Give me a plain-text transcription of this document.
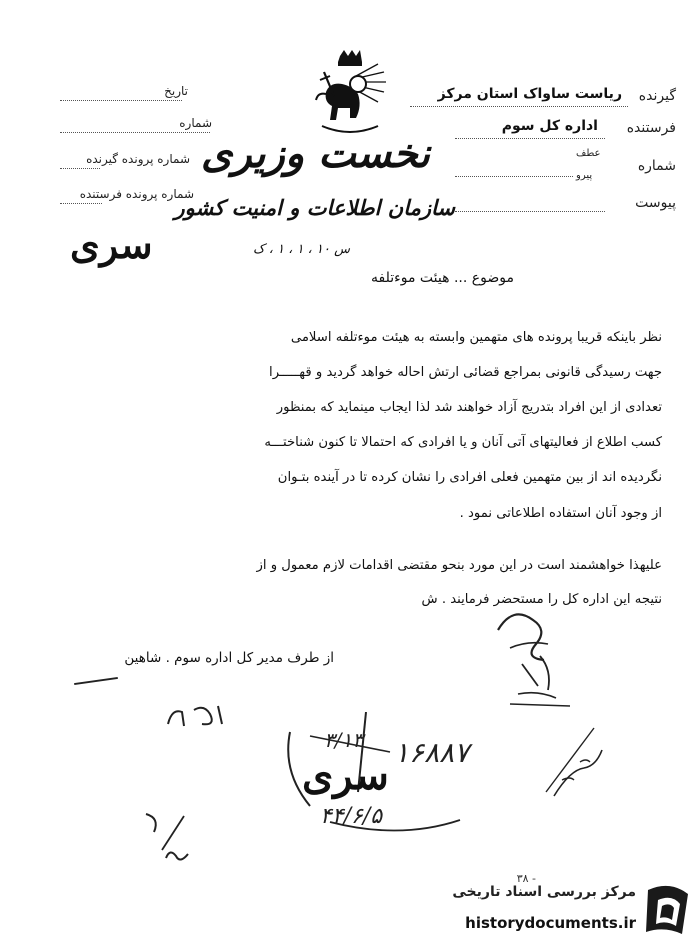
تاریخ
شماره
شماره پرونده گیرنده
شماره پرونده فرستنده
نخست وزیری
سازمان اطلاعات و امنیت کشور
س ۱۰ ، ۱ ، ۱ ، ک
ریاست ساواک استان مرکز گیرنده
اداره کل سوم فرستنده
عطف
پیرو
شماره
پیوست
سری
موضوع ... هیئت موءتلفه
نظر باینکه قریبا پرونده های متهمین وابسته به هیئت موءتلفه اسلامی
جهت رسیدگی قانونی بمراجع قضائی ارتش احاله خواهد گردید و قهـــــرا
تعدادی از این افراد بتدریج آزاد خواهند شد لذا ایجاب مینماید که بمنظور
کسب اطلاع از فعالیتهای آتی آنان و یا افرادی که احتمالا تا کنون شناختـــه
نگردیده اند از بین متهمین فعلی افرادی را نشان کرده تا در آینده بتـوان
از وجود آنان استفاده اطلاعاتی نمود .
علیهذا خواهشمند است در این مورد بنحو مقتضی اقدامات لازم معمول و از
نتیجه این اداره کل را مستحضر فرمایند . ش
از طرف مدیر کل اداره سوم . شاهین
٣/١٣ ۱۶۸۸۷
سری
۴۴/۶/۵
مرکز بررسی اسناد تاریخی
۳۸ -
historydocuments.ir
